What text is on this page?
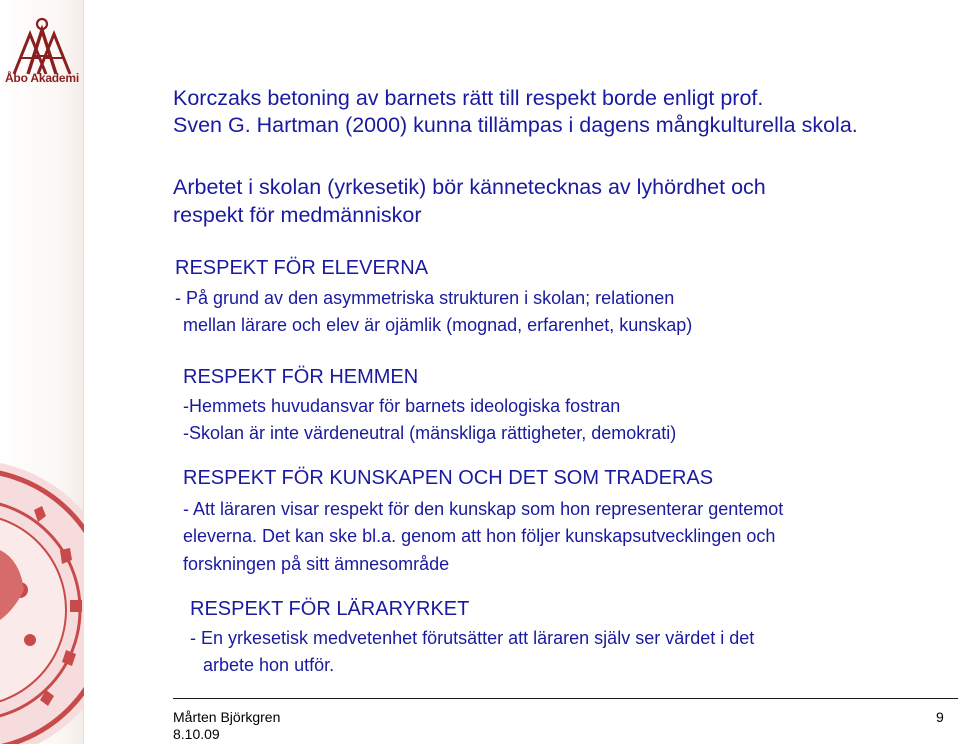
Åbo Akademi
Korczaks betoning av barnets rätt till respekt borde enligt prof.
Sven G. Hartman (2000) kunna tillämpas i dagens mångkulturella skola.
Arbetet i skolan (yrkesetik) bör kännetecknas av lyhördhet och
respekt för medmänniskor
RESPEKT FÖR ELEVERNA
- På grund av den asymmetriska strukturen i skolan; relationen
mellan lärare och elev är ojämlik (mognad, erfarenhet, kunskap)
RESPEKT FÖR HEMMEN
-Hemmets huvudansvar för barnets ideologiska fostran
-Skolan är inte värdeneutral (mänskliga rättigheter, demokrati)
RESPEKT FÖR KUNSKAPEN OCH DET SOM TRADERAS
- Att läraren visar respekt för den kunskap som hon representerar gentemot
eleverna. Det kan ske bl.a. genom att hon följer kunskapsutvecklingen och
forskningen på sitt ämnesområde
RESPEKT FÖR LÄRARYRKET
- En yrkesetisk medvetenhet förutsätter att läraren själv ser värdet i det
arbete hon utför.
Mårten Björkgren
8.10.09
9
